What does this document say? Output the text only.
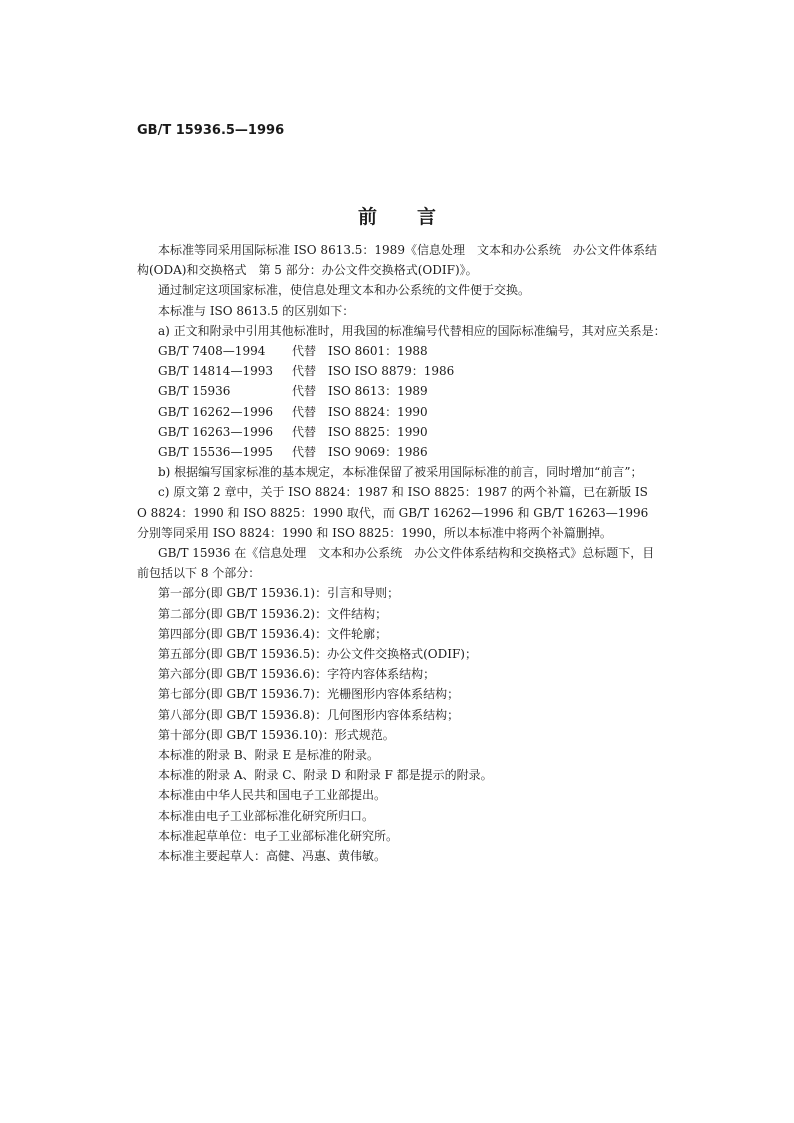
GB/T 15936.5—1996
前言

本标准等同采用国际标准 ISO 8613.5：1989《信息处理　文本和办公系统　办公文件体系结构(ODA)和交换格式　第 5 部分：办公文件交换格式(ODIF)》。

通过制定这项国家标准，使信息处理文本和办公系统的文件便于交换。

本标准与 ISO 8613.5 的区别如下：

a) 正文和附录中引用其他标准时，用我国的标准编号代替相应的国际标准编号，其对应关系是：

GB/T 7408—1994	代替 ISO 8601：1988
GB/T 14814—1993	代替 ISO ISO 8879：1986
GB/T 15936	代替 ISO 8613：1989
GB/T 16262—1996	代替 ISO 8824：1990
GB/T 16263—1996	代替 ISO 8825：1990
GB/T 15536—1995	代替 ISO 9069：1986

b) 根据编写国家标准的基本规定，本标准保留了被采用国际标准的前言，同时增加“前言”；

c) 原文第 2 章中，关于 ISO 8824：1987 和 ISO 8825：1987 的两个补篇，已在新版 ISO 8824：1990 和 ISO 8825：1990 取代，而 GB/T 16262—1996 和 GB/T 16263—1996 分别等同采用 ISO 8824：1990 和 ISO 8825：1990，所以本标准中将两个补篇删掉。

GB/T 15936 在《信息处理　文本和办公系统　办公文件体系结构和交换格式》总标题下，目前包括以下 8 个部分：

第一部分(即 GB/T 15936.1)：引言和导则；

第二部分(即 GB/T 15936.2)：文件结构；

第四部分(即 GB/T 15936.4)：文件轮廓；

第五部分(即 GB/T 15936.5)：办公文件交换格式(ODIF)；

第六部分(即 GB/T 15936.6)：字符内容体系结构；

第七部分(即 GB/T 15936.7)：光栅图形内容体系结构；

第八部分(即 GB/T 15936.8)：几何图形内容体系结构；

第十部分(即 GB/T 15936.10)：形式规范。

本标准的附录 B、附录 E 是标准的附录。

本标准的附录 A、附录 C、附录 D 和附录 F 都是提示的附录。

本标准由中华人民共和国电子工业部提出。

本标准由电子工业部标准化研究所归口。

本标准起草单位：电子工业部标准化研究所。

本标准主要起草人：高健、冯惠、黄伟敏。
